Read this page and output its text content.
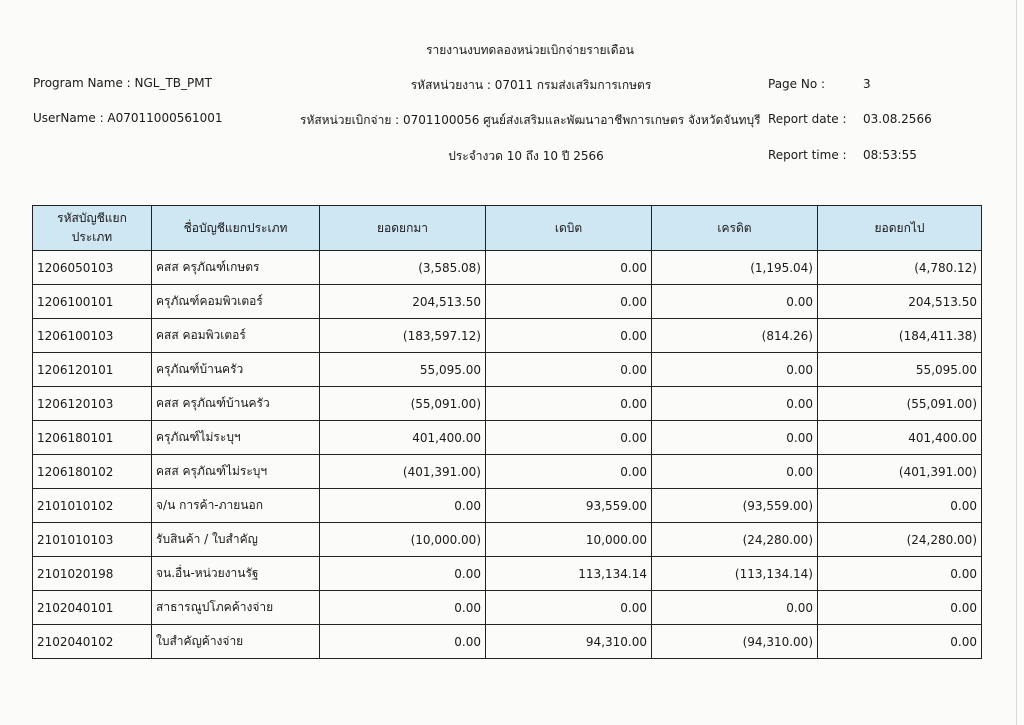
รายงานงบทดลองหน่วยเบิกจ่ายรายเดือน
Program Name : NGL_TB_PMT	รหัสหน่วยงาน : 07011 กรมส่งเสริมการเกษตร	Page No :	3
UserName : A07011000561001	รหัสหน่วยเบิกจ่าย : 0701100056 ศูนย์ส่งเสริมและพัฒนาอาชีพการเกษตร จังหวัดจันทบุรี Report date : 03.08.2566
ประจำงวด 10 ถึง 10 ปี 2566	Report time : 08:53:55
รหัสบัญชีแยกประเภท	ชื่อบัญชีแยกประเภท	ยอดยกมา	เดบิต	เครดิต	ยอดยกไป
1206050103	คสส ครุภัณฑ์เกษตร	(3,585.08)	0.00	(1,195.04)	(4,780.12)
1206100101	ครุภัณฑ์คอมพิวเตอร์	204,513.50	0.00	0.00	204,513.50
1206100103	คสส คอมพิวเตอร์	(183,597.12)	0.00	(814.26)	(184,411.38)
1206120101	ครุภัณฑ์บ้านครัว	55,095.00	0.00	0.00	55,095.00
1206120103	คสส ครุภัณฑ์บ้านครัว	(55,091.00)	0.00	0.00	(55,091.00)
1206180101	ครุภัณฑ์ไม่ระบุฯ	401,400.00	0.00	0.00	401,400.00
1206180102	คสส ครุภัณฑ์ไม่ระบุฯ	(401,391.00)	0.00	0.00	(401,391.00)
2101010102	จ/น การค้า-ภายนอก	0.00	93,559.00	(93,559.00)	0.00
2101010103	รับสินค้า / ใบสำคัญ	(10,000.00)	10,000.00	(24,280.00)	(24,280.00)
2101020198	จน.อื่น-หน่วยงานรัฐ	0.00	113,134.14	(113,134.14)	0.00
2102040101	สาธารณูปโภคค้างจ่าย	0.00	0.00	0.00	0.00
2102040102	ใบสำคัญค้างจ่าย	0.00	94,310.00	(94,310.00)	0.00
